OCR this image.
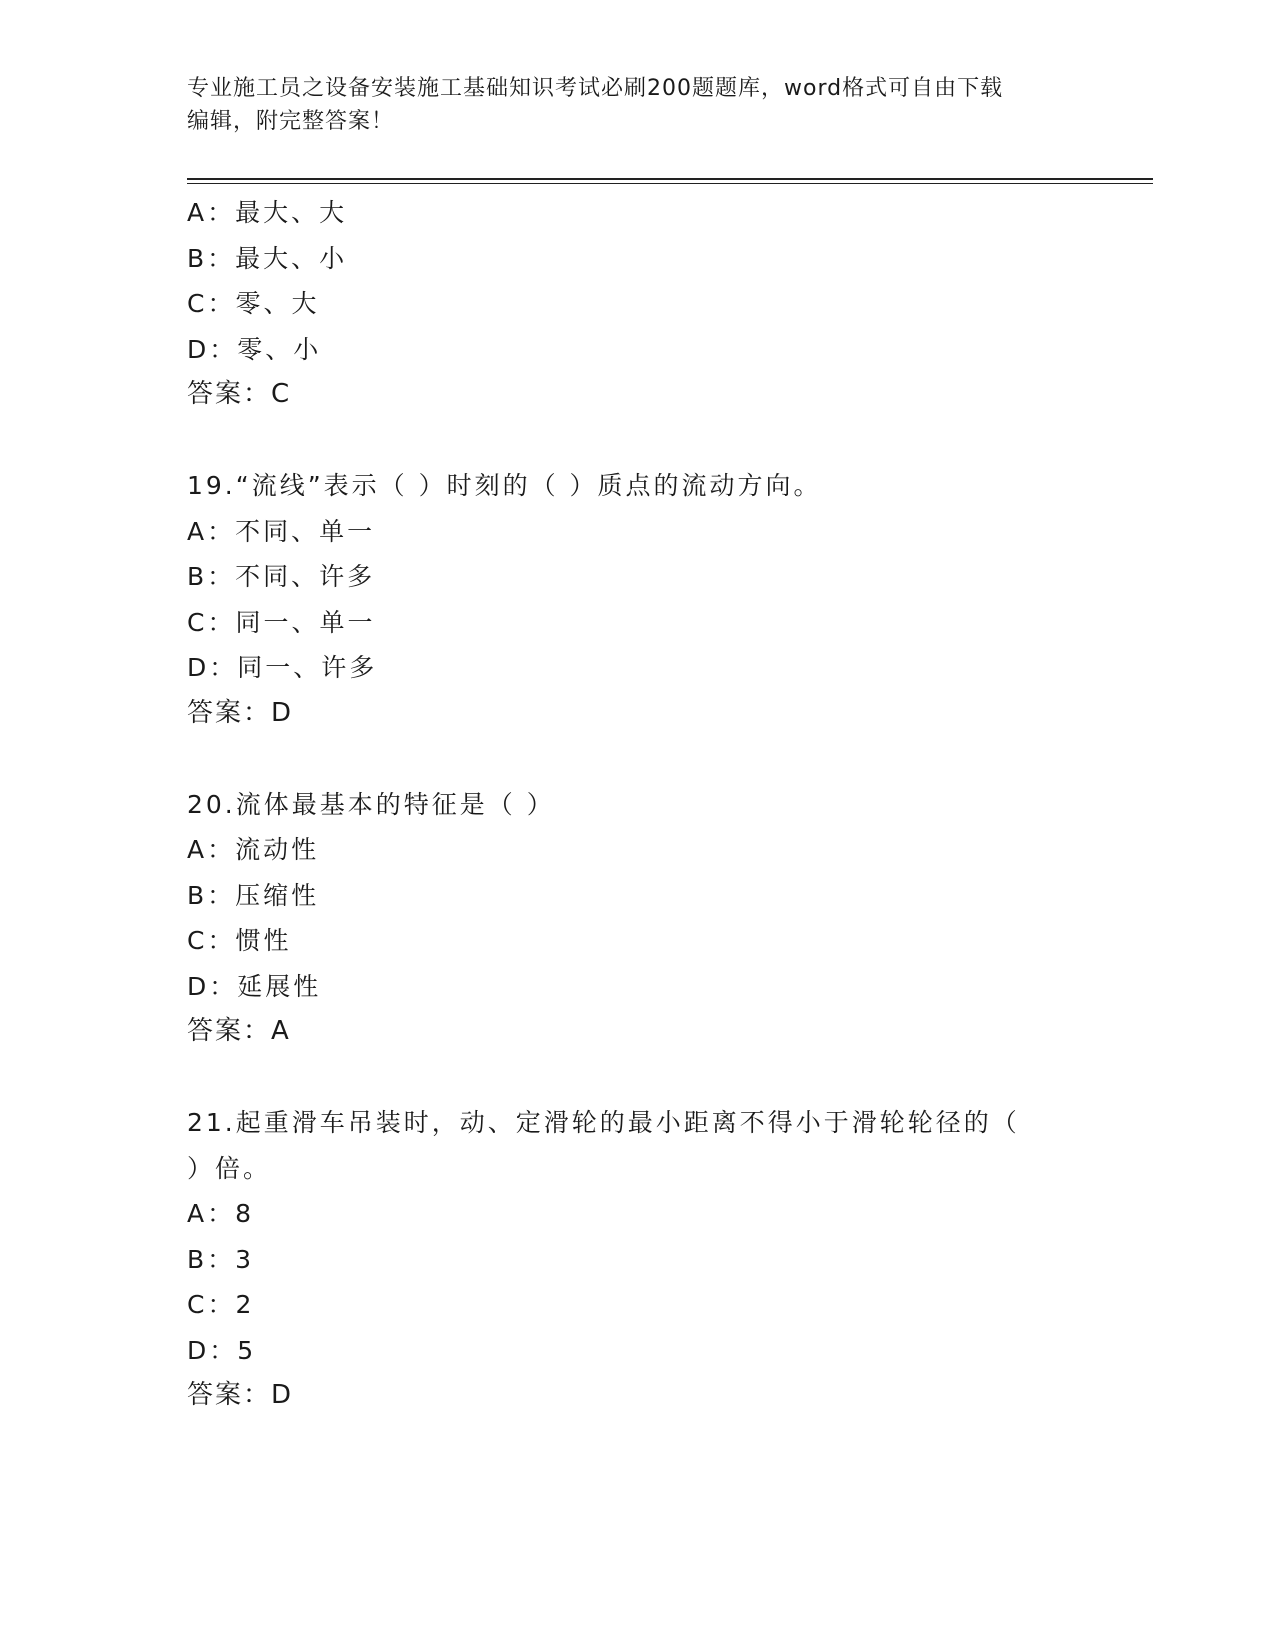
专业施工员之设备安装施工基础知识考试必刷200题题库，word格式可自由下载
编辑，附完整答案！
A：最大、大
B：最大、小
C：零、大
D：零、小
答案：C
19.“流线”表示（ ）时刻的（ ）质点的流动方向。
A：不同、单一
B：不同、许多
C：同一、单一
D：同一、许多
答案：D
20.流体最基本的特征是（ ）
A：流动性
B：压缩性
C：惯性
D：延展性
答案：A
21.起重滑车吊装时，动、定滑轮的最小距离不得小于滑轮轮径的（
）倍。
A：8
B：3
C：2
D：5
答案：D
